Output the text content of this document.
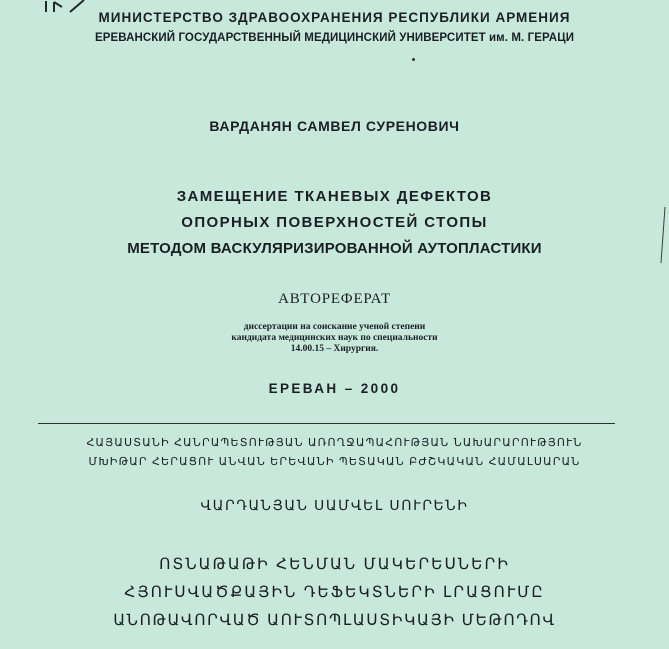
МИНИСТЕРСТВО ЗДРАВООХРАНЕНИЯ РЕСПУБЛИКИ АРМЕНИЯ
ЕРЕВАНСКИЙ ГОСУДАРСТВЕННЫЙ МЕДИЦИНСКИЙ УНИВЕРСИТЕТ им. М. ГЕРАЦИ
ВАРДАНЯН САМВЕЛ СУРЕНОВИЧ
ЗАМЕЩЕНИЕ ТКАНЕВЫХ ДЕФЕКТОВ
ОПОРНЫХ ПОВЕРХНОСТЕЙ СТОПЫ
МЕТОДОМ ВАСКУЛЯРИЗИРОВАННОЙ АУТОПЛАСТИКИ
АВТОРЕФЕРАТ
диссертации на соискание ученой степени
кандидата медицинских наук по специальности
14.00.15 – Хирургия.
ЕРЕВАН – 2000
ՀԱՅԱՍՏԱՆԻ ՀԱՆՐԱՊԵՏՈՒԹՅԱՆ ԱՌՈՂՋԱՊԱՀՈՒԹՅԱՆ ՆԱԽԱՐԱՐՈՒԹՅՈՒՆ
ՄԽԻԹԱՐ ՀԵՐԱՑՈՒ ԱՆՎԱՆ ԵՐԵՎԱՆԻ ՊԵՏԱԿԱՆ ԲԺՇԿԱԿԱՆ ՀԱՄԱԼՍԱՐԱՆ
ՎԱՐԴԱՆՅԱՆ ՍԱՄՎԵԼ ՍՈՒՐԵՆԻ
ՈՏՆԱԹԱԹԻ ՀԵՆՄԱՆ ՄԱԿԵՐԵՍՆԵՐԻ
ՀՅՈՒՍՎԱԾՔԱՅԻՆ ԴԵՖԵԿՏՆԵՐԻ ԼՐԱՑՈՒՄԸ
ԱՆՈԹԱՎՈՐՎԱԾ ԱՈՒՏՈՊԼԱՍՏԻԿԱՅԻ ՄԵԹՈԴՈՎ
